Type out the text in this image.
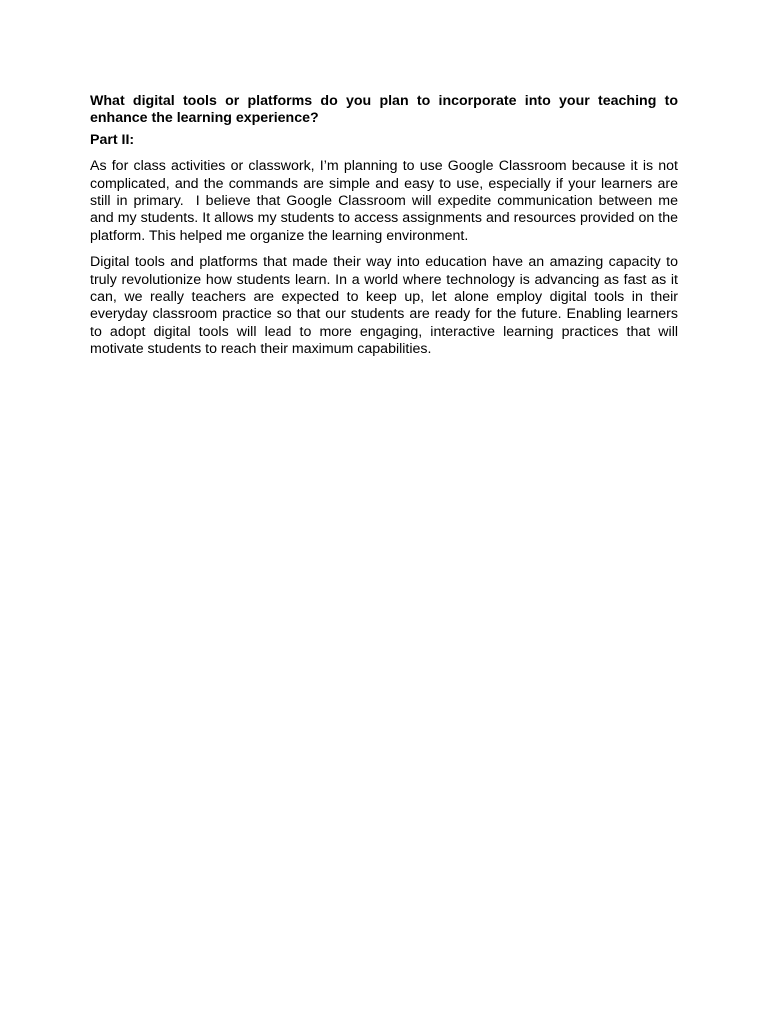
What digital tools or platforms do you plan to incorporate into your teaching to enhance the learning experience?

Part II:

As for class activities or classwork, I’m planning to use Google Classroom because it is not complicated, and the commands are simple and easy to use, especially if your learners are still in primary.  I believe that Google Classroom will expedite communication between me and my students. It allows my students to access assignments and resources provided on the platform. This helped me organize the learning environment.

Digital tools and platforms that made their way into education have an amazing capacity to truly revolutionize how students learn. In a world where technology is advancing as fast as it can, we really teachers are expected to keep up, let alone employ digital tools in their everyday classroom practice so that our students are ready for the future. Enabling learners to adopt digital tools will lead to more engaging, interactive learning practices that will motivate students to reach their maximum capabilities.
